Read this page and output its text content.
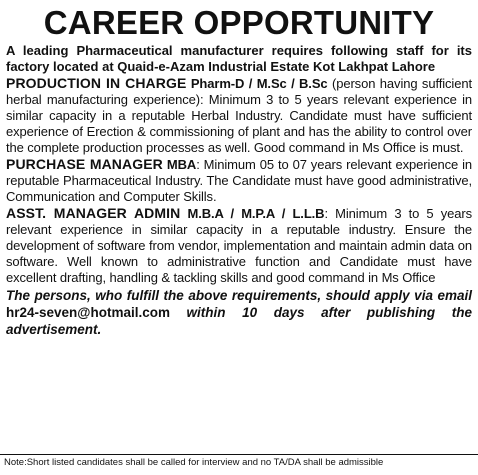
CAREER OPPORTUNITY

A leading Pharmaceutical manufacturer requires following staff for its factory located at Quaid-e-Azam Industrial Estate Kot Lakhpat Lahore

PRODUCTION IN CHARGE Pharm-D / M.Sc / B.Sc (person having sufficient herbal manufacturing experience): Minimum 3 to 5 years relevant experience in similar capacity in a reputable Herbal Industry. Candidate must have sufficient experience of Erection & commissioning of plant and has the ability to control over the complete production processes as well. Good command in Ms Office is must.

PURCHASE MANAGER MBA: Minimum 05 to 07 years relevant experience in reputable Pharmaceutical Industry. The Candidate must have good administrative, Communication and Computer Skills.

ASST. MANAGER ADMIN M.B.A / M.P.A / L.L.B: Minimum 3 to 5 years relevant experience in similar capacity in a reputable industry. Ensure the development of software from vendor, implementation and maintain admin data on software. Well known to administrative function and Candidate must have excellent drafting, handling & tackling skills and good command in Ms Office

The persons, who fulfill the above requirements, should apply via email hr24-seven@hotmail.com within 10 days after publishing the advertisement.

Note:Short listed candidates shall be called for interview and no TA/DA shall be admissible
